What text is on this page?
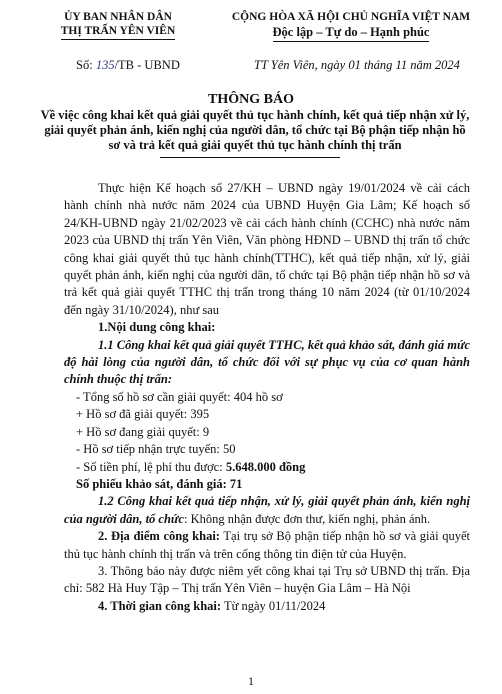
ỦY BAN NHÂN DÂN
THỊ TRẤN YÊN VIÊN
CỘNG HÒA XÃ HỘI CHỦ NGHĨA VIỆT NAM
Độc lập – Tự do – Hạnh phúc
Số: 135/TB - UBND	TT Yên Viên, ngày 01 tháng 11 năm 2024
THÔNG BÁO
Về việc công khai kết quả giải quyết thủ tục hành chính, kết quả tiếp nhận xử lý, giải quyết phản ánh, kiến nghị của người dân, tổ chức tại Bộ phận tiếp nhận hồ sơ và trả kết quả giải quyết thủ tục hành chính thị trấn

Thực hiện Kế hoạch số 27/KH – UBND ngày 19/01/2024 về cải cách hành chính nhà nước năm 2024 của UBND Huyện Gia Lâm; Kế hoạch số 24/KH-UBND ngày 21/02/2023 về cải cách hành chính (CCHC) nhà nước năm 2023 của UBND thị trấn Yên Viên, Văn phòng HĐND – UBND thị trấn tổ chức công khai giải quyết thủ tục hành chính(TTHC), kết quả tiếp nhận, xử lý, giải quyết phản ánh, kiến nghị của người dân, tổ chức tại Bộ phận tiếp nhận hồ sơ và trả kết quả giải quyết TTHC thị trấn trong tháng 10 năm 2024 (từ 01/10/2024 đến ngày 31/10/2024), như sau

1.Nội dung công khai:

1.1 Công khai kết quả giải quyết TTHC, kết quả khảo sát, đánh giá mức độ hài lòng của người dân, tổ chức đối với sự phục vụ của cơ quan hành chính thuộc thị trấn:

- Tổng số hồ sơ cần giải quyết: 404 hồ sơ

+ Hồ sơ đã giải quyết: 395

+ Hồ sơ đang giải quyết: 9

- Hồ sơ tiếp nhận trực tuyến: 50

- Số tiền phí, lệ phí thu được: 5.648.000 đồng

Số phiếu khảo sát, đánh giá: 71

1.2 Công khai kết quả tiếp nhận, xử lý, giải quyết phản ánh, kiến nghị của người dân, tổ chức: Không nhận được đơn thư, kiến nghị, phản ánh.

2. Địa điểm công khai: Tại trụ sở Bộ phận tiếp nhận hồ sơ và giải quyết thủ tục hành chính thị trấn và trên cổng thông tin điện tử của Huyện.

3. Thông báo này được niêm yết công khai tại Trụ sở UBND thị trấn. Địa chỉ: 582 Hà Huy Tập – Thị trấn Yên Viên – huyện Gia Lâm – Hà Nội

4. Thời gian công khai: Từ ngày 01/11/2024

1
